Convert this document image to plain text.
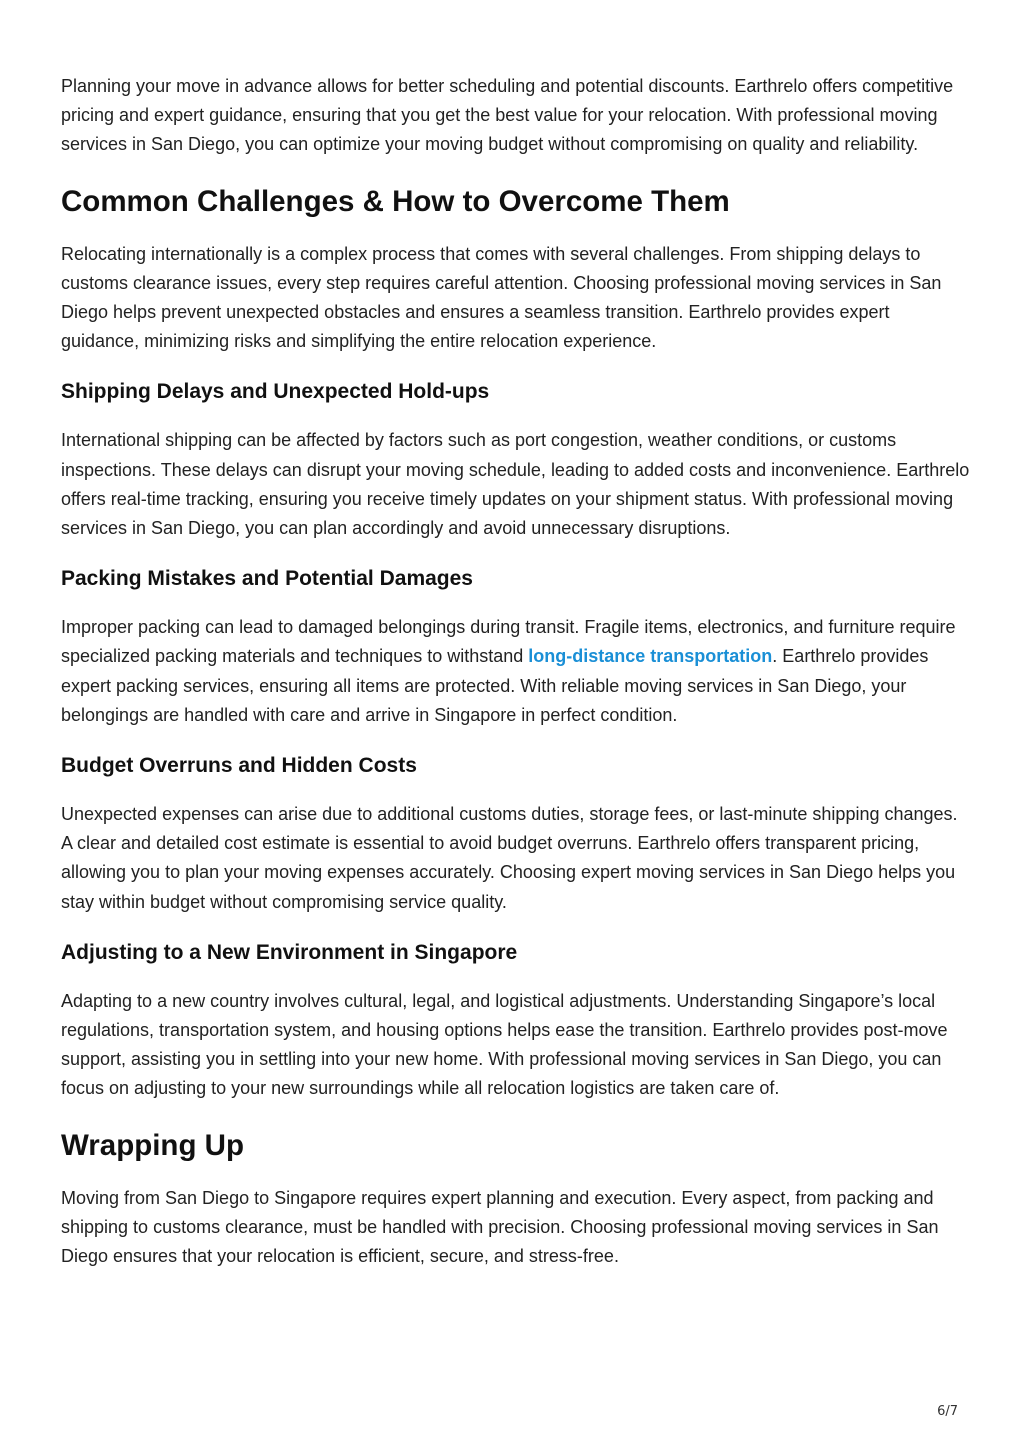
Planning your move in advance allows for better scheduling and potential discounts. Earthrelo offers competitive pricing and expert guidance, ensuring that you get the best value for your relocation. With professional moving services in San Diego, you can optimize your moving budget without compromising on quality and reliability.

Common Challenges & How to Overcome Them

Relocating internationally is a complex process that comes with several challenges. From shipping delays to customs clearance issues, every step requires careful attention. Choosing professional moving services in San Diego helps prevent unexpected obstacles and ensures a seamless transition. Earthrelo provides expert guidance, minimizing risks and simplifying the entire relocation experience.

Shipping Delays and Unexpected Hold-ups

International shipping can be affected by factors such as port congestion, weather conditions, or customs inspections. These delays can disrupt your moving schedule, leading to added costs and inconvenience. Earthrelo offers real-time tracking, ensuring you receive timely updates on your shipment status. With professional moving services in San Diego, you can plan accordingly and avoid unnecessary disruptions.

Packing Mistakes and Potential Damages

Improper packing can lead to damaged belongings during transit. Fragile items, electronics, and furniture require specialized packing materials and techniques to withstand long-distance transportation. Earthrelo provides expert packing services, ensuring all items are protected. With reliable moving services in San Diego, your belongings are handled with care and arrive in Singapore in perfect condition.

Budget Overruns and Hidden Costs

Unexpected expenses can arise due to additional customs duties, storage fees, or last-minute shipping changes. A clear and detailed cost estimate is essential to avoid budget overruns. Earthrelo offers transparent pricing, allowing you to plan your moving expenses accurately. Choosing expert moving services in San Diego helps you stay within budget without compromising service quality.

Adjusting to a New Environment in Singapore

Adapting to a new country involves cultural, legal, and logistical adjustments. Understanding Singapore’s local regulations, transportation system, and housing options helps ease the transition. Earthrelo provides post-move support, assisting you in settling into your new home. With professional moving services in San Diego, you can focus on adjusting to your new surroundings while all relocation logistics are taken care of.

Wrapping Up

Moving from San Diego to Singapore requires expert planning and execution. Every aspect, from packing and shipping to customs clearance, must be handled with precision. Choosing professional moving services in San Diego ensures that your relocation is efficient, secure, and stress-free.

6/7
